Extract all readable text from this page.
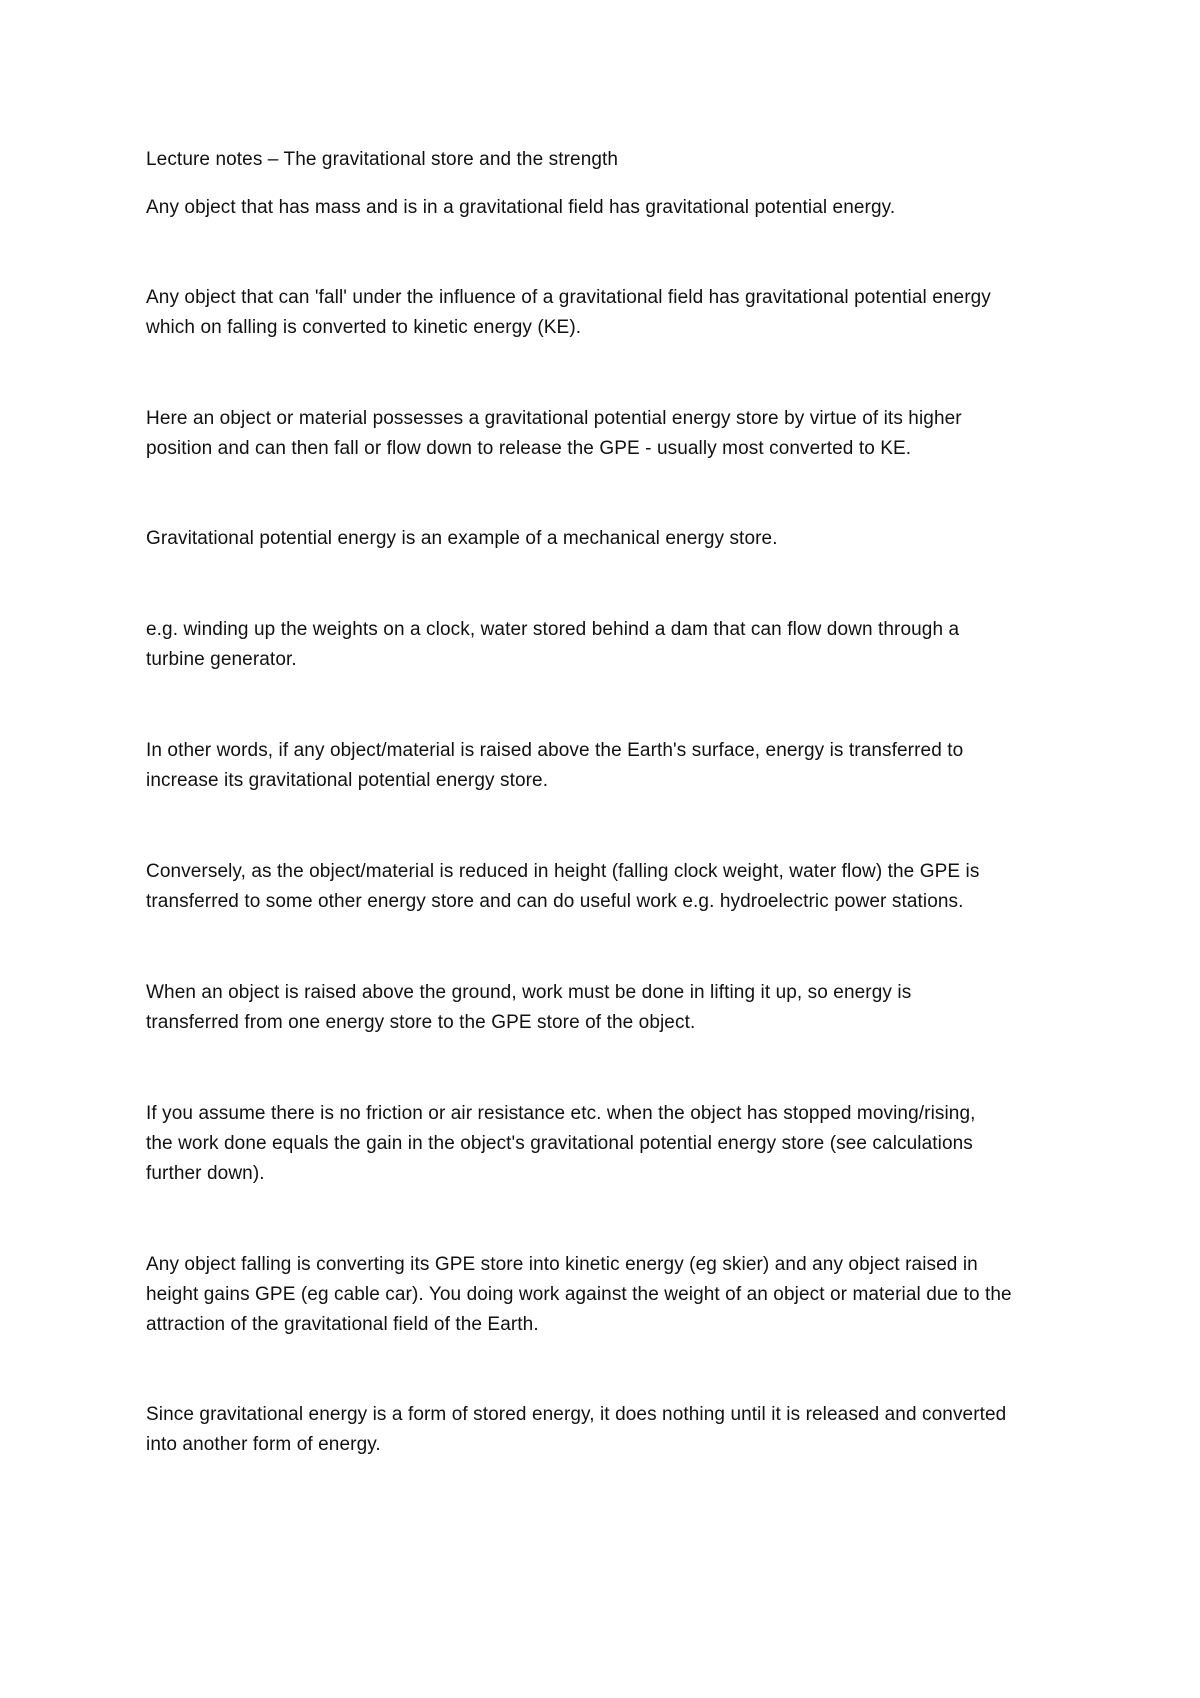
Lecture notes – The gravitational store and the strength
Any object that has mass and is in a gravitational field has gravitational potential energy.
Any object that can 'fall' under the influence of a gravitational field has gravitational potential energy
which on falling is converted to kinetic energy (KE).
Here an object or material possesses a gravitational potential energy store by virtue of its higher
position and can then fall or flow down to release the GPE - usually most converted to KE.
Gravitational potential energy is an example of a mechanical energy store.
e.g. winding up the weights on a clock, water stored behind a dam that can flow down through a
turbine generator.
In other words, if any object/material is raised above the Earth's surface, energy is transferred to
increase its gravitational potential energy store.
Conversely, as the object/material is reduced in height (falling clock weight, water flow) the GPE is
transferred to some other energy store and can do useful work e.g. hydroelectric power stations.
When an object is raised above the ground, work must be done in lifting it up, so energy is
transferred from one energy store to the GPE store of the object.
If you assume there is no friction or air resistance etc. when the object has stopped moving/rising,
the work done equals the gain in the object's gravitational potential energy store (see calculations
further down).
Any object falling is converting its GPE store into kinetic energy (eg skier) and any object raised in
height gains GPE (eg cable car). You doing work against the weight of an object or material due to the
attraction of the gravitational field of the Earth.
Since gravitational energy is a form of stored energy, it does nothing until it is released and converted
into another form of energy.
